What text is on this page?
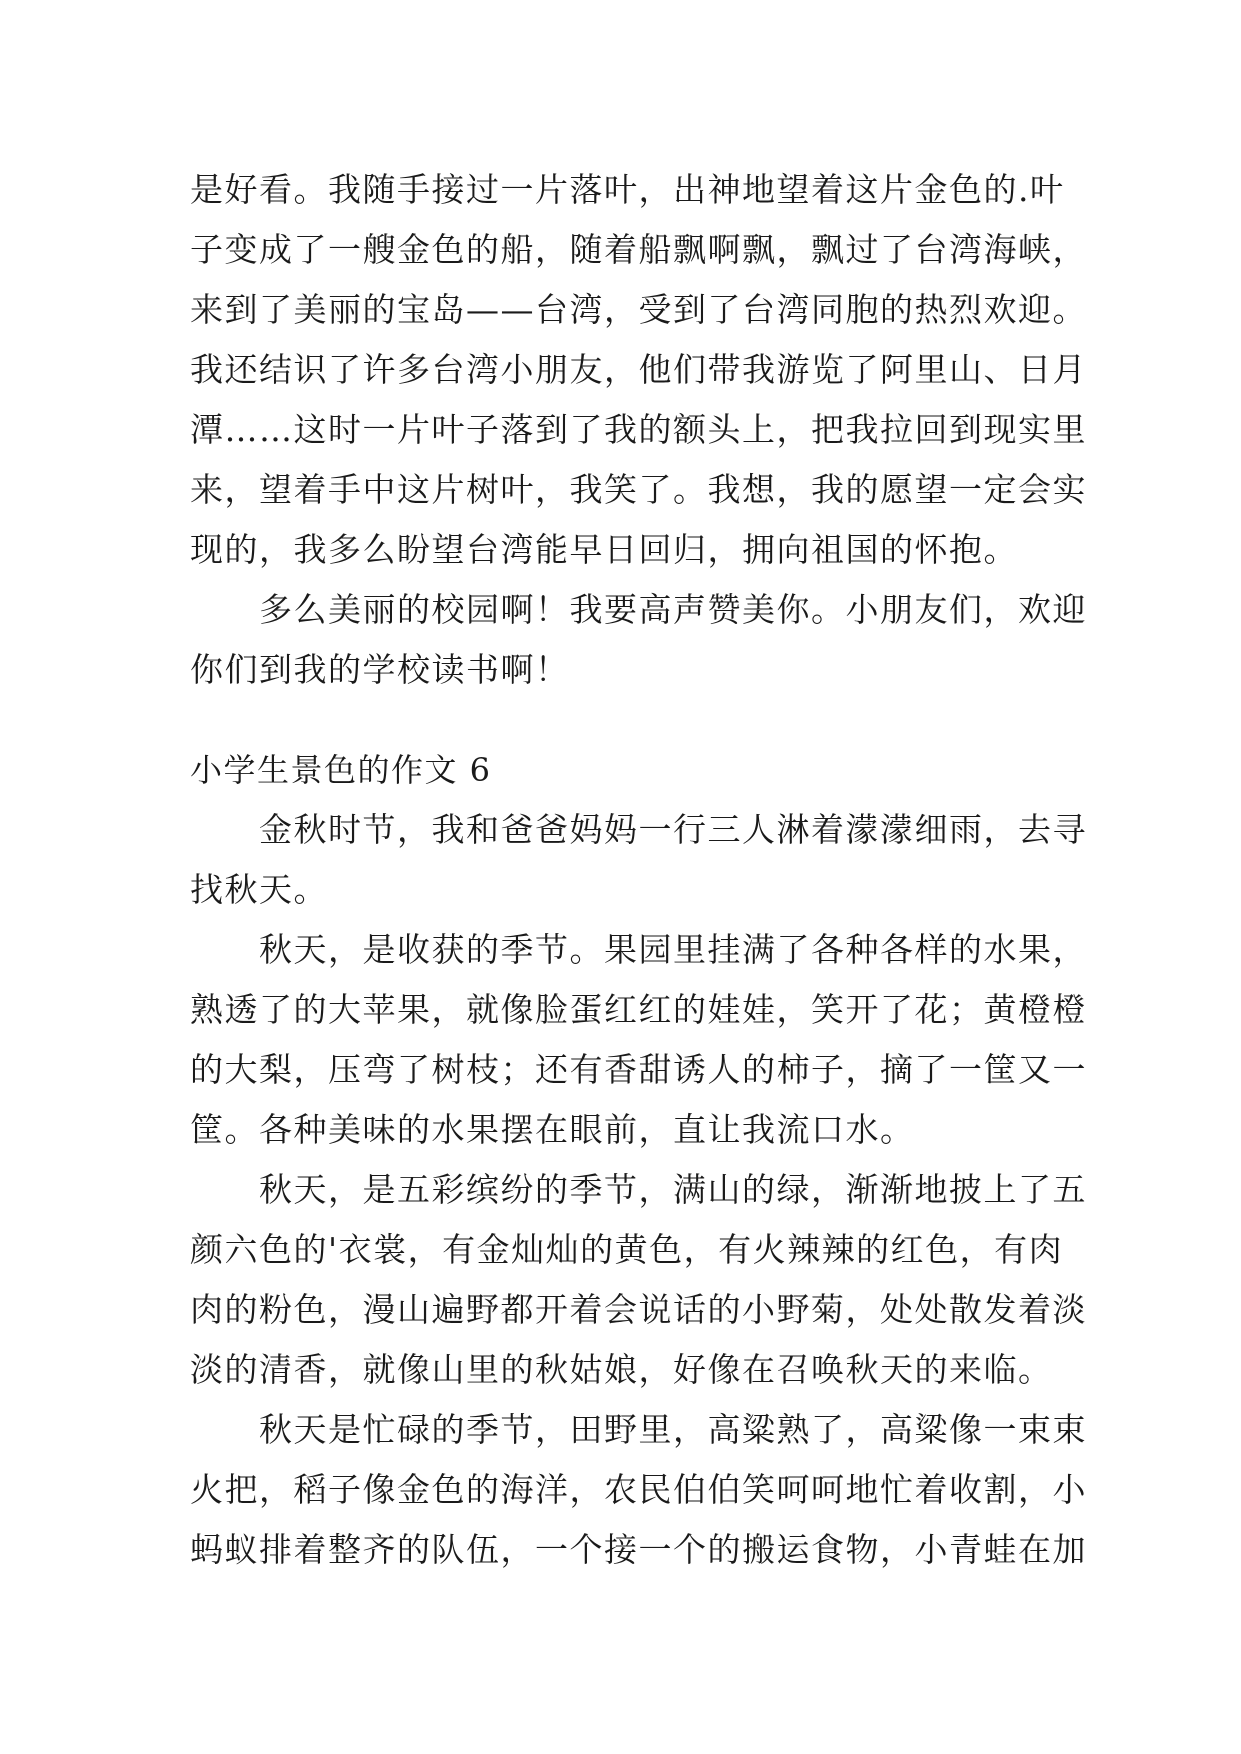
是好看。我随手接过一片落叶，出神地望着这片金色的.叶
子变成了一艘金色的船，随着船飘啊飘，飘过了台湾海峡，
来到了美丽的宝岛——台湾，受到了台湾同胞的热烈欢迎。
我还结识了许多台湾小朋友，他们带我游览了阿里山、日月
潭……这时一片叶子落到了我的额头上，把我拉回到现实里
来，望着手中这片树叶，我笑了。我想，我的愿望一定会实
现的，我多么盼望台湾能早日回归，拥向祖国的怀抱。
　　多么美丽的校园啊！我要高声赞美你。小朋友们，欢迎
你们到我的学校读书啊！
小学生景色的作文 6
　　金秋时节，我和爸爸妈妈一行三人淋着濛濛细雨，去寻
找秋天。
　　秋天，是收获的季节。果园里挂满了各种各样的水果，
熟透了的大苹果，就像脸蛋红红的娃娃，笑开了花；黄橙橙
的大梨，压弯了树枝；还有香甜诱人的柿子，摘了一筐又一
筐。各种美味的水果摆在眼前，直让我流口水。
　　秋天，是五彩缤纷的季节，满山的绿，渐渐地披上了五
颜六色的'衣裳，有金灿灿的黄色，有火辣辣的红色，有肉
肉的粉色，漫山遍野都开着会说话的小野菊，处处散发着淡
淡的清香，就像山里的秋姑娘，好像在召唤秋天的来临。
　　秋天是忙碌的季节，田野里，高粱熟了，高粱像一束束
火把，稻子像金色的海洋，农民伯伯笑呵呵地忙着收割，小
蚂蚁排着整齐的队伍，一个接一个的搬运食物，小青蛙在加
